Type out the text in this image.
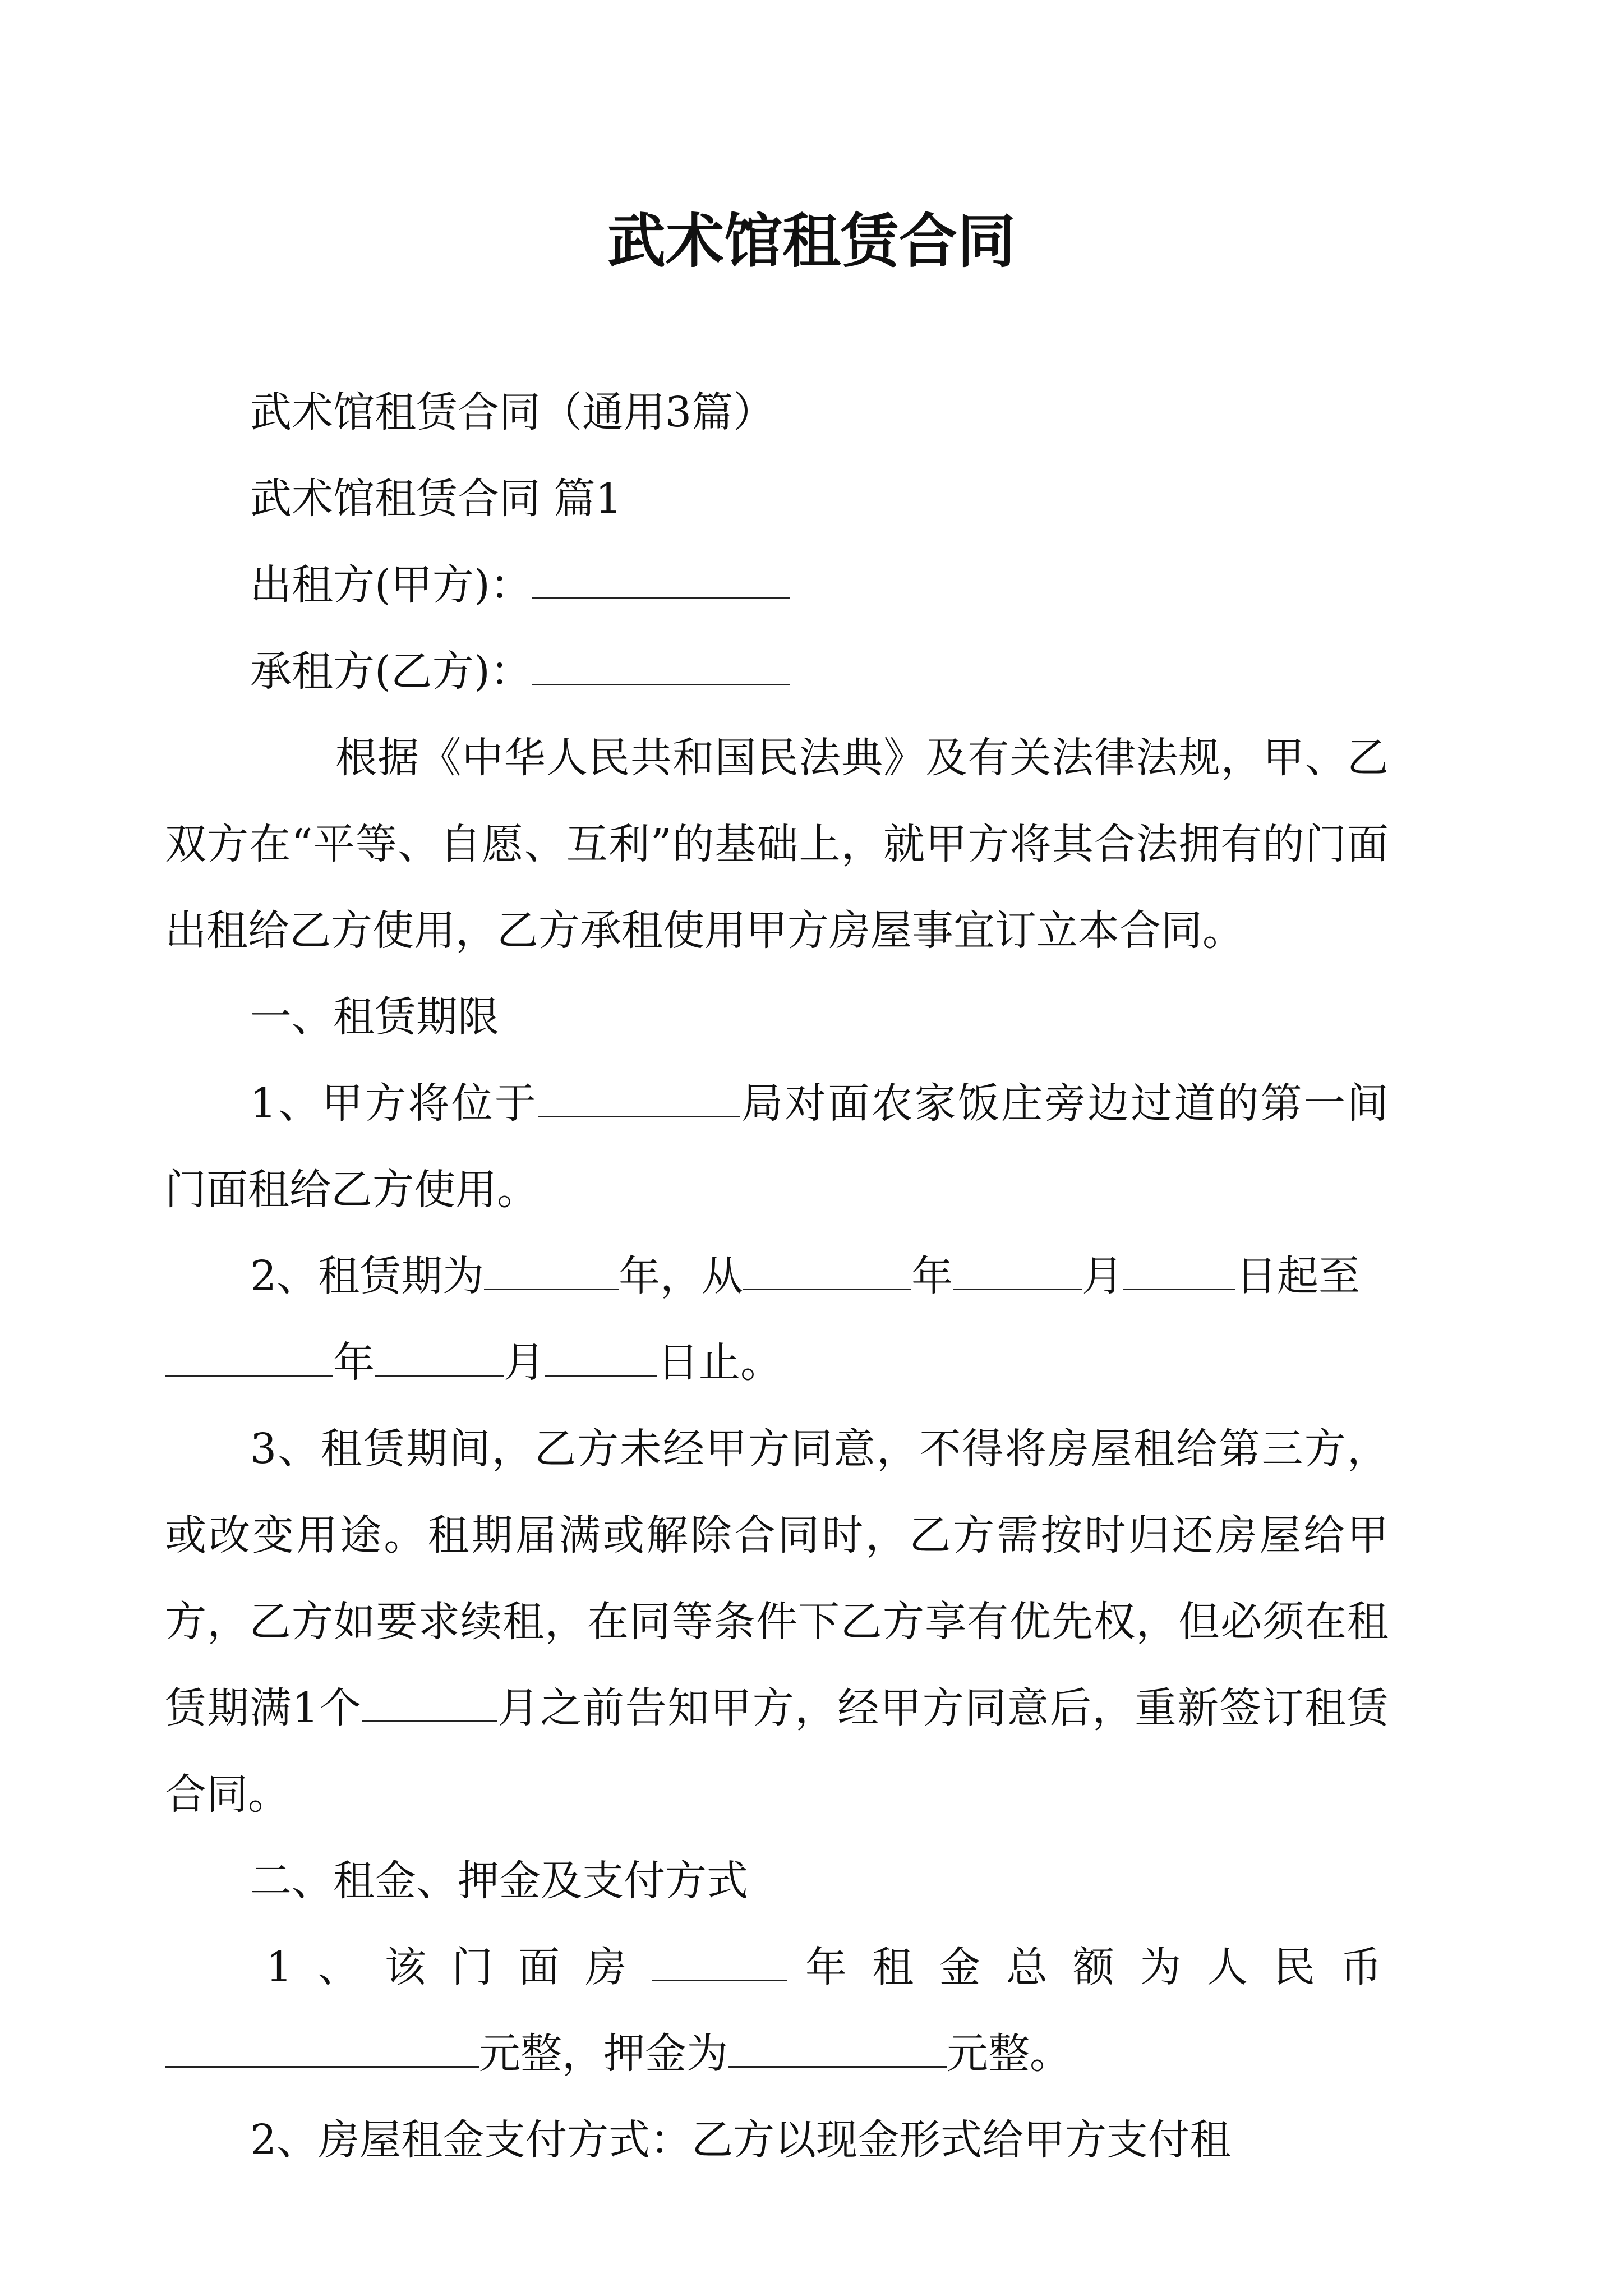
武术馆租赁合同

武术馆租赁合同（通用3篇）

武术馆租赁合同 篇1

出租方(甲方)：

承租方(乙方)：

根据《中华人民共和国民法典》及有关法律法规，甲、乙双方在“平等、自愿、互利”的基础上，就甲方将其合法拥有的门面出租给乙方使用，乙方承租使用甲方房屋事宜订立本合同。

一、租赁期限

1、甲方将位于	局对面农家饭庄旁边过道的第一间门面租给乙方使用。

2、租赁期为	年，从	年	月	日起至年	月	日止。

3、租赁期间，乙方未经甲方同意，不得将房屋租给第三方，或改变用途。租期届满或解除合同时，乙方需按时归还房屋给甲方，乙方如要求续租，在同等条件下乙方享有优先权，但必须在租赁期满1个	月之前告知甲方，经甲方同意后，重新签订租赁合同。

二、租金、押金及支付方式

1、该门面房	年租金总额为人民币元整，押金为	元整。

2、房屋租金支付方式：乙方以现金形式给甲方支付租
